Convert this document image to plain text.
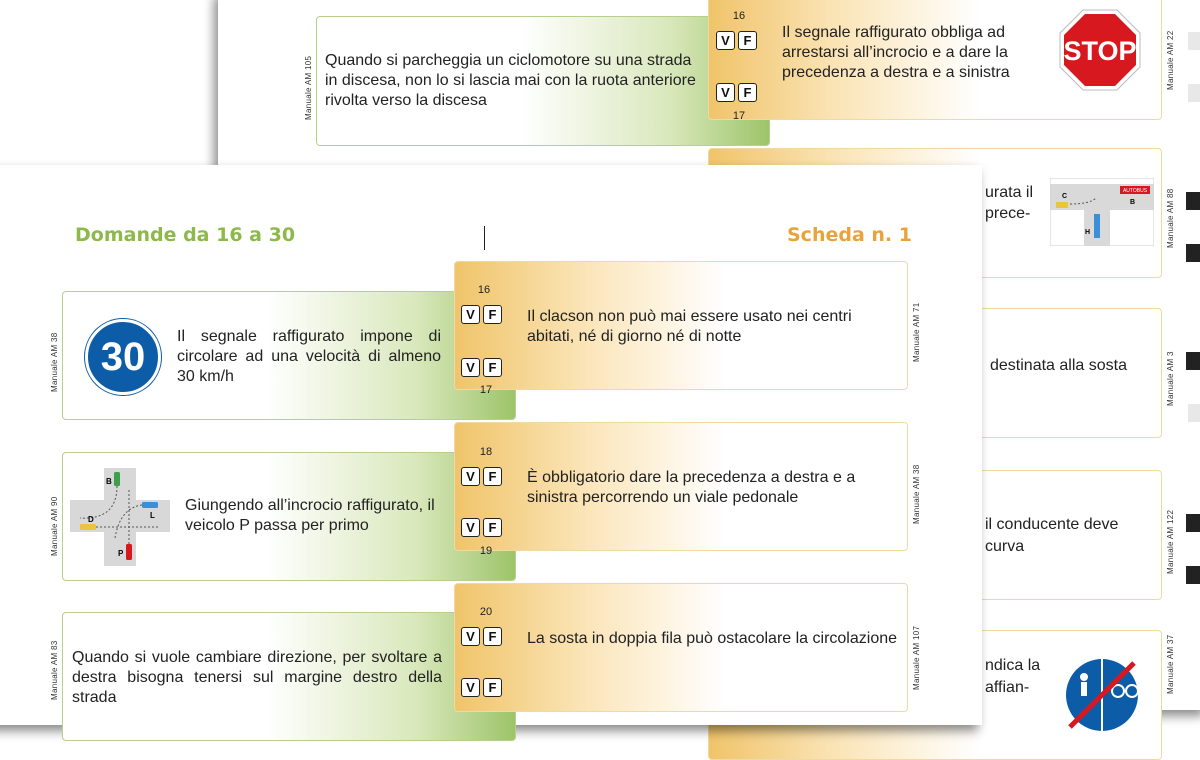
Manuale AM 105 Quando si parcheggia un ciclomotore su una strada in discesa, non lo si lascia mai con la ruota anteriore rivolta verso la discesa
16
V	F
V	F
17
Il segnale raffigurato obbliga ad arrestarsi all’incrocio e a dare la precedenza a destra e a sinistra
STOP	Manuale AM 22
urata il
prece-
AUTOBUS
C
B
H	Manuale AM 88
destinata alla sosta	Manuale AM 3
il conducente deve
curva	Manuale AM 122
ndica la
affian-	Manuale AM 37
Domande da 16 a 30	Scheda n. 1
Manuale AM 38	30	Il segnale raffigurato impone di circolare ad una velocità di almeno 30 km/h
16
V	F
V	F
17
Il clacson non può mai essere usato nei centri abitati, né di giorno né di notte	Manuale AM 71
Manuale AM 90
B
L
D
P
Giungendo all’incrocio raffigurato, il veicolo P passa per primo
18
V	F
V	F
19
È obbligatorio dare la precedenza a destra e a sinistra percorrendo un viale pedonale	Manuale AM 38
Manuale AM 83 Quando si vuole cambiare direzione, per svoltare a destra bisogna tenersi sul margine destro della strada
20
V	F
V	F
La sosta in doppia fila può ostacolare la circolazione Manuale AM 107
